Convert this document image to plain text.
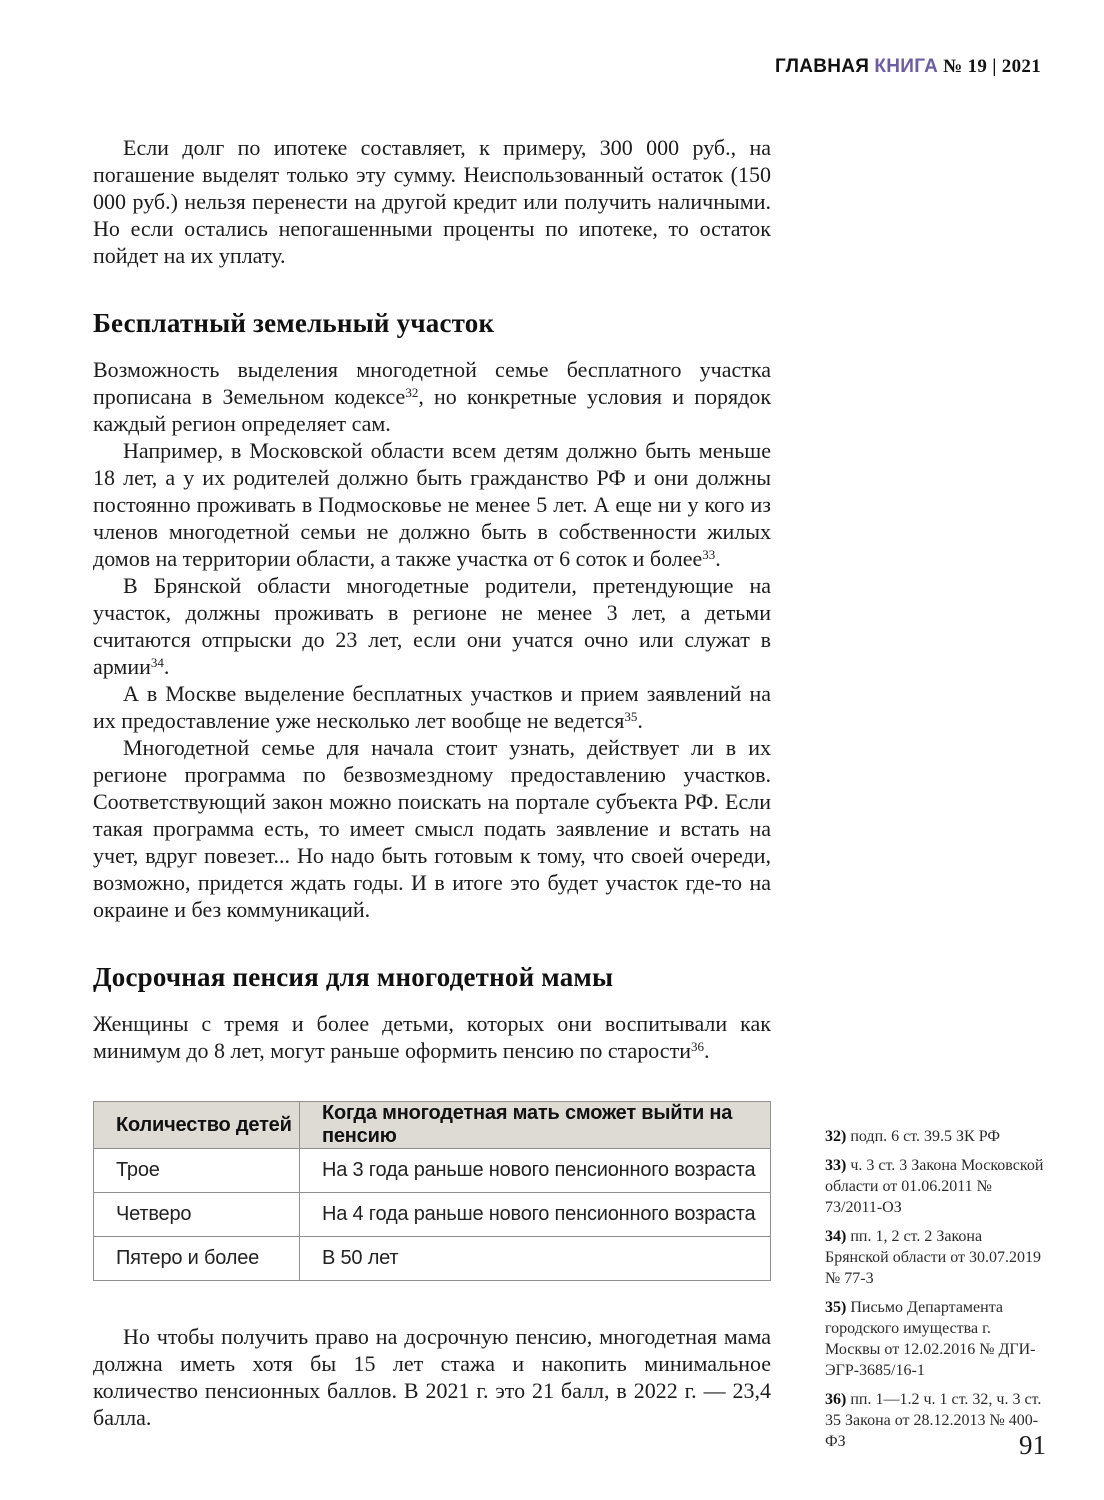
ГЛАВНАЯ КНИГА № 19 | 2021

Если долг по ипотеке составляет, к примеру, 300 000 руб., на погашение выделят только эту сумму. Неиспользованный остаток (150 000 руб.) нельзя перенести на другой кредит или получить наличными. Но если остались непогашенными проценты по ипотеке, то остаток пойдет на их уплату.

Бесплатный земельный участок

Возможность выделения многодетной семье бесплатного участка прописана в Земельном кодексе$^{32}$, но конкретные условия и порядок каждый регион определяет сам.

Например, в Московской области всем детям должно быть меньше 18 лет, а у их родителей должно быть гражданство РФ и они должны постоянно проживать в Подмосковье не менее 5 лет. А еще ни у кого из членов многодетной семьи не должно быть в собственности жилых домов на территории области, а также участка от 6 соток и более$^{33}$.

В Брянской области многодетные родители, претендующие на участок, должны проживать в регионе не менее 3 лет, а детьми считаются отпрыски до 23 лет, если они учатся очно или служат в армии$^{34}$.

А в Москве выделение бесплатных участков и прием заявлений на их предоставление уже несколько лет вообще не ведется$^{35}$.

Многодетной семье для начала стоит узнать, действует ли в их регионе программа по безвозмездному предоставлению участков. Соответствующий закон можно поискать на портале субъекта РФ. Если такая программа есть, то имеет смысл подать заявление и встать на учет, вдруг повезет... Но надо быть готовым к тому, что своей очереди, возможно, придется ждать годы. И в итоге это будет участок где-то на окраине и без коммуникаций.

Досрочная пенсия для многодетной мамы

Женщины с тремя и более детьми, которых они воспитывали как минимум до 8 лет, могут раньше оформить пенсию по старости$^{36}$.

Количество детей	Когда многодетная мать сможет выйти на пенсию
Трое	На 3 года раньше нового пенсионного возраста
Четверо	На 4 года раньше нового пенсионного возраста
Пятеро и более	В 50 лет

Но чтобы получить право на досрочную пенсию, многодетная мама должна иметь хотя бы 15 лет стажа и накопить минимальное количество пенсионных баллов. В 2021 г. это 21 балл, в 2022 г. — 23,4 балла.

32) подп. 6 ст. 39.5 ЗК РФ
33) ч. 3 ст. 3 Закона Московской области от 01.06.2011 № 73/2011-ОЗ
34) пп. 1, 2 ст. 2 Закона Брянской области от 30.07.2019 № 77-3
35) Письмо Департамента городского имущества г. Москвы от 12.02.2016 № ДГИ-ЭГР-3685/16-1
36) пп. 1—1.2 ч. 1 ст. 32, ч. 3 ст. 35 Закона от 28.12.2013 № 400-ФЗ	91
